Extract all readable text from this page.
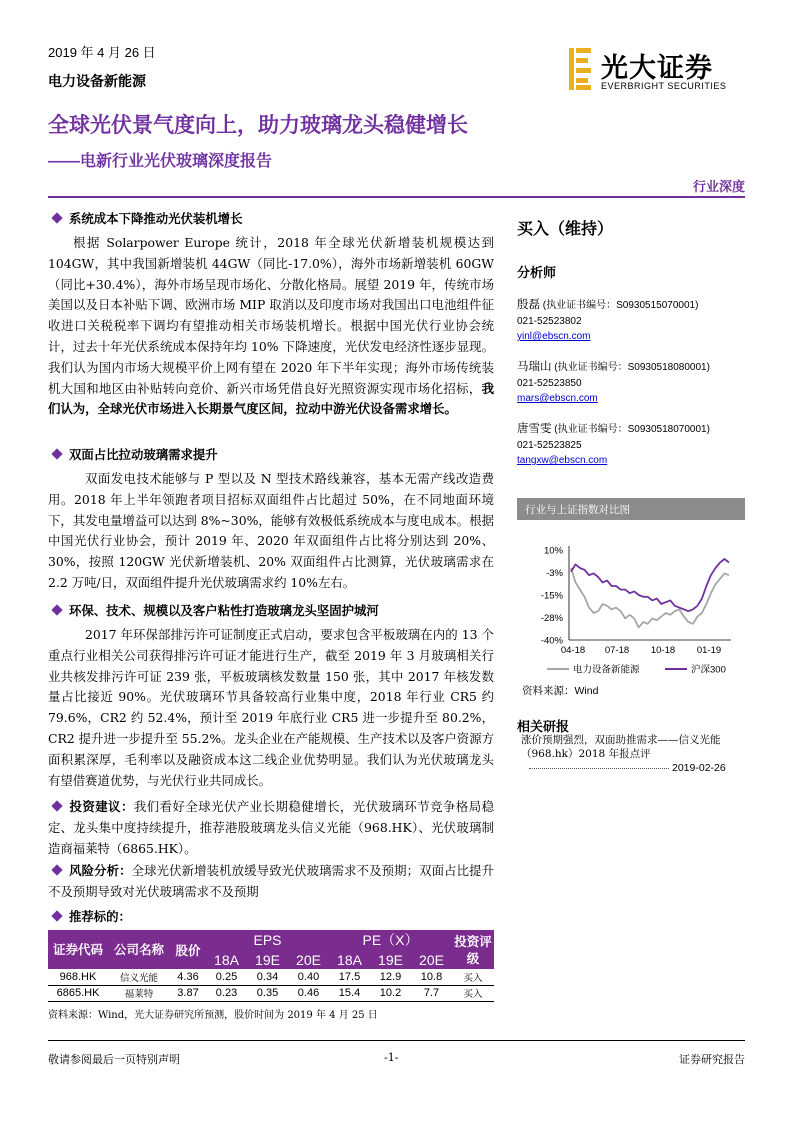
2019 年 4 月 26 日
电力设备新能源
全球光伏景气度向上，助力玻璃龙头稳健增长
——电新行业光伏玻璃深度报告
光大证券
EVERBRIGHT SECURITIES
行业深度
系统成本下降推动光伏装机增长

根据 Solarpower Europe 统计，2018 年全球光伏新增装机规模达到 104GW，其中我国新增装机 44GW（同比-17.0%），海外市场新增装机 60GW（同比+30.4%），海外市场呈现市场化、分散化格局。展望 2019 年，传统市场美国以及日本补贴下调、欧洲市场 MIP 取消以及印度市场对我国出口电池组件征收进口关税税率下调均有望推动相关市场装机增长。根据中国光伏行业协会统计，过去十年光伏系统成本保持年均 10% 下降速度，光伏发电经济性逐步显现。我们认为国内市场大规模平价上网有望在 2020 年下半年实现；海外市场传统装机大国和地区由补贴转向竞价、新兴市场凭借良好光照资源实现市场化招标，我们认为，全球光伏市场进入长期景气度区间，拉动中游光伏设备需求增长。

双面占比拉动玻璃需求提升

双面发电技术能够与 P 型以及 N 型技术路线兼容，基本无需产线改造费用。2018 年上半年领跑者项目招标双面组件占比超过 50%，在不同地面环境下，其发电量增益可以达到 8%~30%，能够有效极低系统成本与度电成本。根据中国光伏行业协会，预计 2019 年、2020 年双面组件占比将分别达到 20%、30%，按照 120GW 光伏新增装机、20% 双面组件占比测算，光伏玻璃需求在 2.2 万吨/日，双面组件提升光伏玻璃需求约 10%左右。

环保、技术、规模以及客户粘性打造玻璃龙头坚固护城河

2017 年环保部排污许可证制度正式启动，要求包含平板玻璃在内的 13 个重点行业相关公司获得排污许可证才能进行生产，截至 2019 年 3 月玻璃相关行业共核发排污许可证 239 张，平板玻璃核发数量 150 张，其中 2017 年核发数量占比接近 90%。光伏玻璃环节具备较高行业集中度，2018 年行业 CR5 约 79.6%，CR2 约 52.4%，预计至 2019 年底行业 CR5 进一步提升至 80.2%，CR2 提升进一步提升至 55.2%。龙头企业在产能规模、生产技术以及客户资源方面积累深厚，毛利率以及融资成本这二线企业优势明显。我们认为光伏玻璃龙头有望借赛道优势，与光伏行业共同成长。

投资建议：我们看好全球光伏产业长期稳健增长，光伏玻璃环节竞争格局稳定、龙头集中度持续提升，推荐港股玻璃龙头信义光能（968.HK）、光伏玻璃制造商福莱特（6865.HK）。

风险分析：全球光伏新增装机放缓导致光伏玻璃需求不及预期；双面占比提升不及预期导致对光伏玻璃需求不及预期

推荐标的：
证券代码	公司名称	股价	EPS			PE（X）			投资评级
			18A	19E	20E	18A	19E	20E	
968.HK	信义光能	4.36	0.25	0.34	0.40	17.5	12.9	10.8	买入
6865.HK	福莱特	3.87	0.23	0.35	0.46	15.4	10.2	7.7	买入
资料来源：Wind，光大证券研究所预测，股价时间为 2019 年 4 月 25 日
买入（维持）
分析师
殷磊 (执业证书编号：S0930515070001)
021-52523802
yinl@ebscn.com
马瑞山 (执业证书编号：S0930518080001)
021-52523850
mars@ebscn.com
唐雪雯 (执业证书编号：S0930518070001)
021-52523825
tangxw@ebscn.com
行业与上证指数对比图
10%
-3%
-15%
-28%
-40%
04-18 07-18 10-18 01-19
电力设备新能源	沪深300
资料来源：Wind
相关研报
涨价预期强烈，双面助推需求——信义光能（968.hk）2018 年报点评
2019-02-26
敬请参阅最后一页特别声明	-1-	证券研究报告
